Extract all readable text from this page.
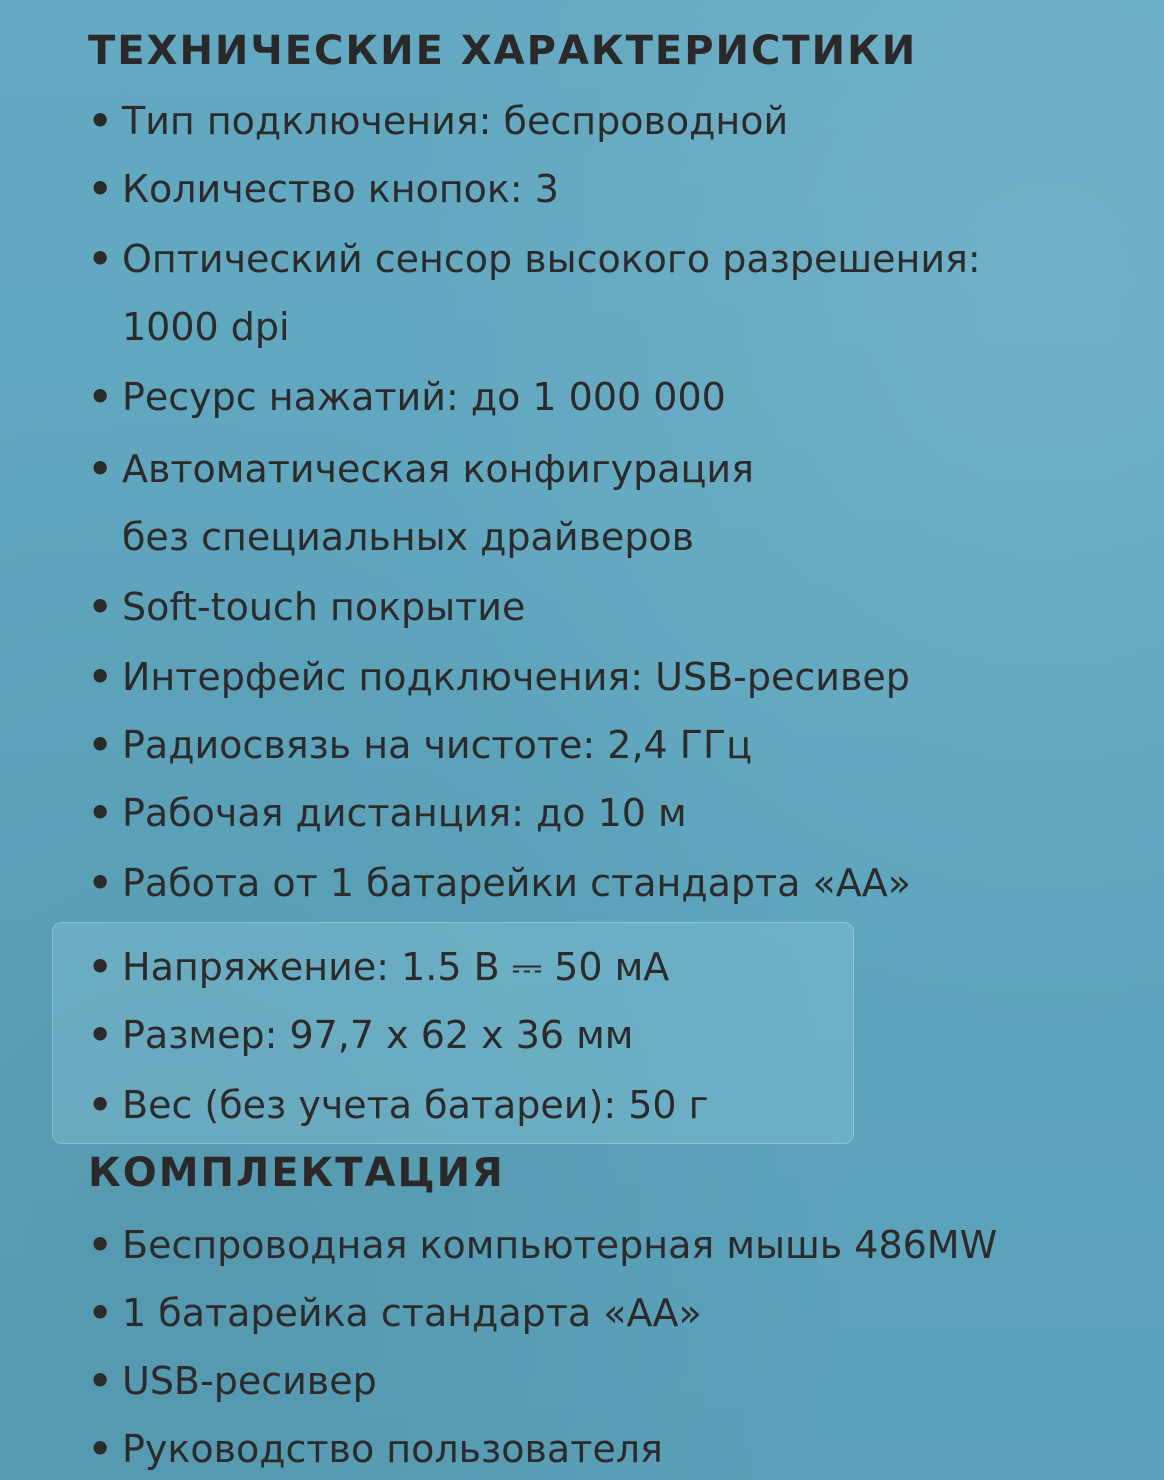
ТЕХНИЧЕСКИЕ ХАРАКТЕРИСТИКИ
• Тип подключения: беспроводной
• Количество кнопок: 3
• Оптический сенсор высокого разрешения:
1000 dpi
• Ресурс нажатий: до 1 000 000
• Автоматическая конфигурация
без специальных драйверов
• Soft-touch покрытие
• Интерфейс подключения: USB-ресивер
• Радиосвязь на чистоте: 2,4 ГГц
• Рабочая дистанция: до 10 м
• Работа от 1 батарейки стандарта «АА»
• Напряжение: 1.5 В ⎓ 50 мА
• Размер: 97,7 x 62 x 36 мм
• Вес (без учета батареи): 50 г
КОМПЛЕКТАЦИЯ
• Беспроводная компьютерная мышь 486MW
• 1 батарейка стандарта «АА»
• USB-ресивер
• Руководство пользователя
